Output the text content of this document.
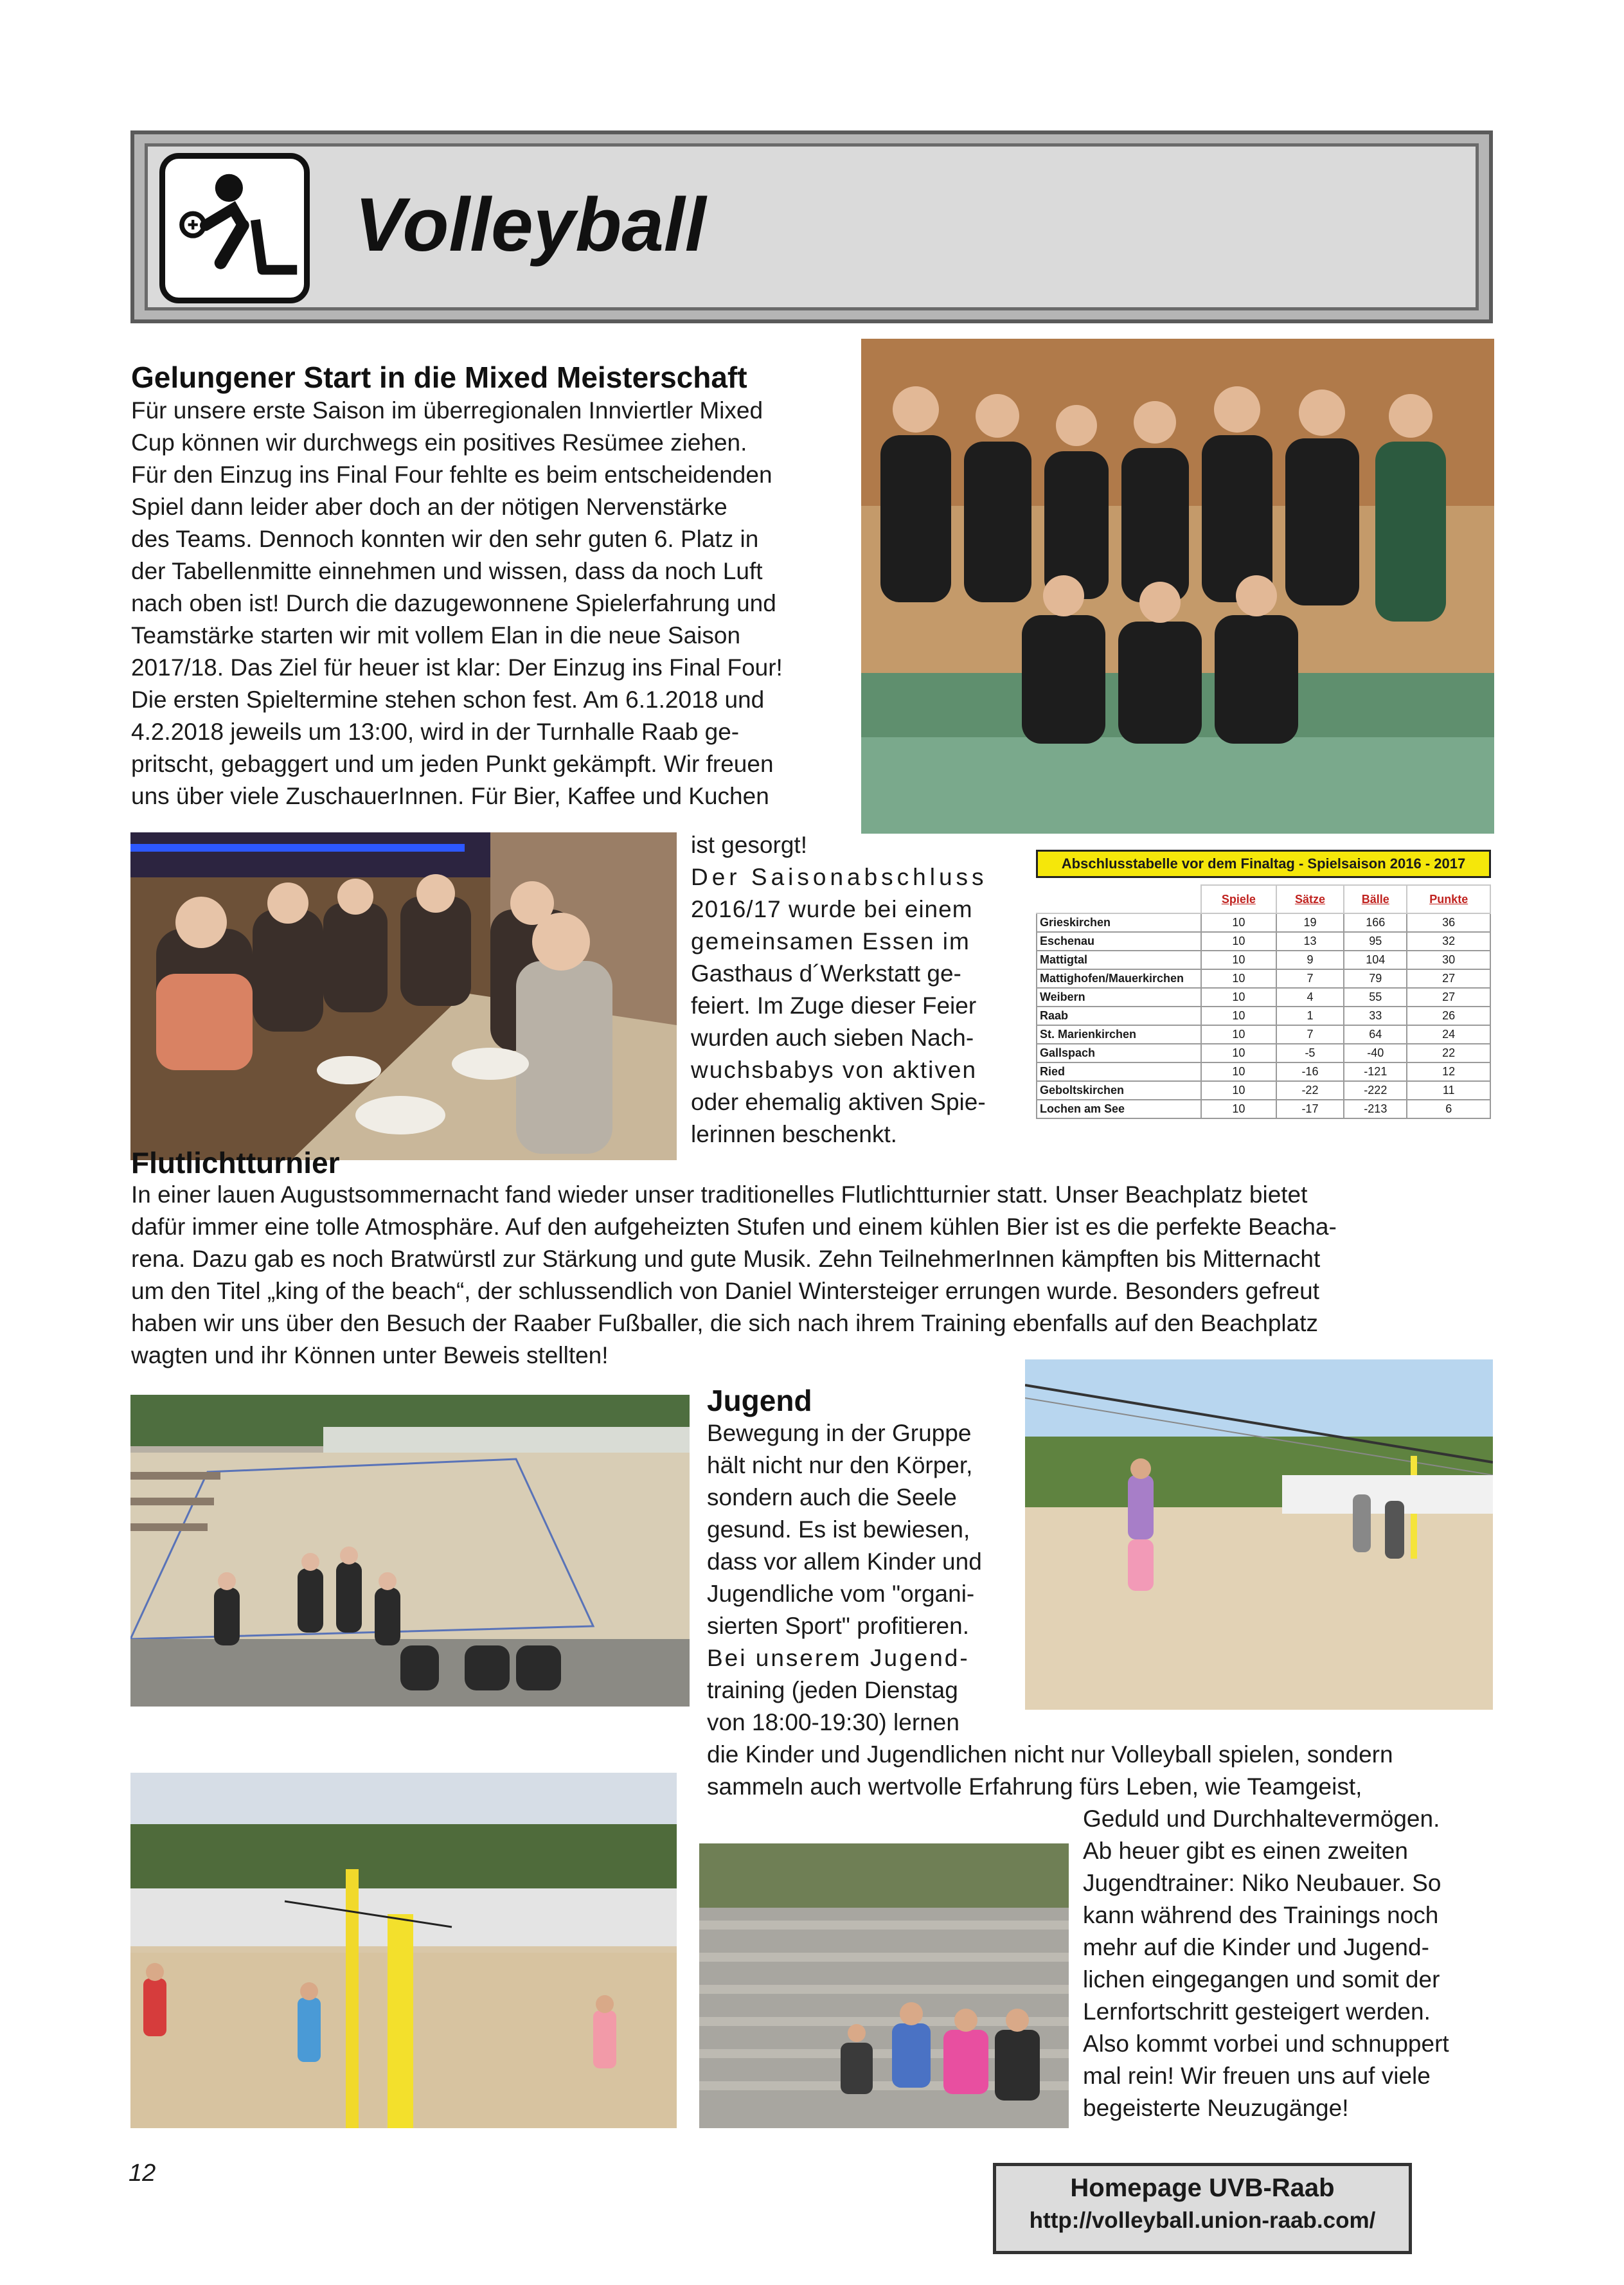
Volleyball
Gelungener Start in die Mixed Meisterschaft
Für unsere erste Saison im überregionalen Innviertler Mixed
Cup können wir durchwegs ein positives Resümee ziehen.
Für den Einzug ins Final Four fehlte es beim entscheidenden
Spiel dann leider aber doch an der nötigen Nervenstärke
des Teams. Dennoch konnten wir den sehr guten 6. Platz in
der Tabellenmitte einnehmen und wissen, dass da noch Luft
nach oben ist! Durch die dazugewonnene Spielerfahrung und
Teamstärke starten wir mit vollem Elan in die neue Saison
2017/18. Das Ziel für heuer ist klar: Der Einzug ins Final Four!
Die ersten Spieltermine stehen schon fest. Am 6.1.2018 und
4.2.2018 jeweils um 13:00, wird in der Turnhalle Raab ge-
pritscht, gebaggert und um jeden Punkt gekämpft. Wir freuen
uns über viele ZuschauerInnen. Für Bier, Kaffee und Kuchen
ist gesorgt!
Der Saisonabschluss
2016/17 wurde bei einem
gemeinsamen Essen im
Gasthaus d´Werkstatt ge-
feiert. Im Zuge dieser Feier
wurden auch sieben Nach-
wuchsbabys von aktiven
oder ehemalig aktiven Spie-
lerinnen beschenkt.
Abschlusstabelle vor dem Finaltag - Spielsaison 2016 - 2017
	Spiele	Sätze	Bälle	Punkte
Grieskirchen	10	19	166	36
Eschenau	10	13	95	32
Mattigtal	10	9	104	30
Mattighofen/Mauerkirchen	10	7	79	27
Weibern	10	4	55	27
Raab	10	1	33	26
St. Marienkirchen	10	7	64	24
Gallspach	10	-5	-40	22
Ried	10	-16	-121	12
Geboltskirchen	10	-22	-222	11
Lochen am See	10	-17	-213	6
Flutlichtturnier
In einer lauen Augustsommernacht fand wieder unser traditionelles Flutlichtturnier statt. Unser Beachplatz bietet
dafür immer eine tolle Atmosphäre. Auf den aufgeheizten Stufen und einem kühlen Bier ist es die perfekte Beacha-
rena. Dazu gab es noch Bratwürstl zur Stärkung und gute Musik. Zehn TeilnehmerInnen kämpften bis Mitternacht
um den Titel „king of the beach“, der schlussendlich von Daniel Wintersteiger errungen wurde. Besonders gefreut
haben wir uns über den Besuch der Raaber Fußballer, die sich nach ihrem Training ebenfalls auf den Beachplatz
wagten und ihr Können unter Beweis stellten!
Jugend
Bewegung in der Gruppe
hält nicht nur den Körper,
sondern auch die Seele
gesund. Es ist bewiesen,
dass vor allem Kinder und
Jugendliche vom "organi-
sierten Sport" profitieren.
Bei unserem Jugend-
training (jeden Dienstag
von 18:00-19:30) lernen
die Kinder und Jugendlichen nicht nur Volleyball spielen, sondern
sammeln auch wertvolle Erfahrung fürs Leben, wie Teamgeist,
Geduld und Durchhaltevermögen.
Ab heuer gibt es einen zweiten
Jugendtrainer: Niko Neubauer. So
kann während des Trainings noch
mehr auf die Kinder und Jugend-
lichen eingegangen und somit der
Lernfortschritt gesteigert werden.
Also kommt vorbei und schnuppert
mal rein! Wir freuen uns auf viele
begeisterte Neuzugänge!
12
Homepage UVB-Raab
http://volleyball.union-raab.com/
